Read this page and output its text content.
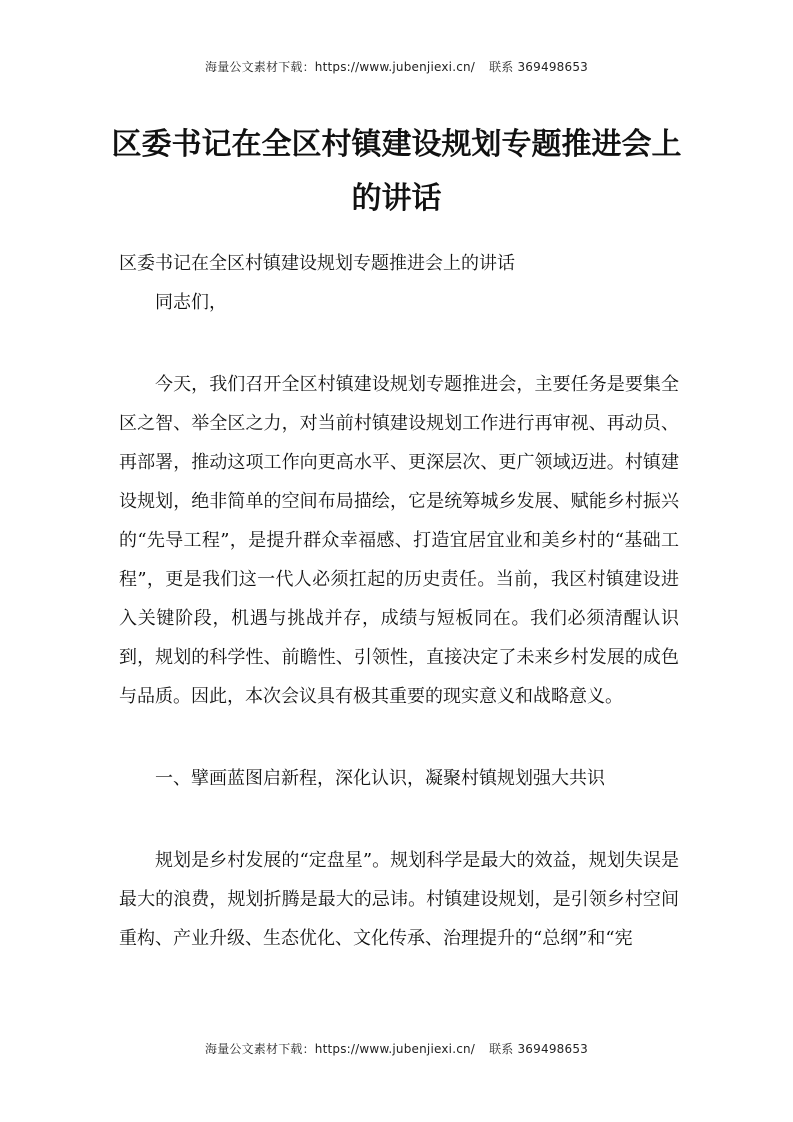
海量公文素材下载：https://www.jubenjiexi.cn/ 联系 369498653
区委书记在全区村镇建设规划专题推进会上的讲话

区委书记在全区村镇建设规划专题推进会上的讲话

同志们，

今天，我们召开全区村镇建设规划专题推进会，主要任务是要集全区之智、举全区之力，对当前村镇建设规划工作进行再审视、再动员、再部署，推动这项工作向更高水平、更深层次、更广领域迈进。村镇建设规划，绝非简单的空间布局描绘，它是统筹城乡发展、赋能乡村振兴的“先导工程”，是提升群众幸福感、打造宜居宜业和美乡村的“基础工程”，更是我们这一代人必须扛起的历史责任。当前，我区村镇建设进入关键阶段，机遇与挑战并存，成绩与短板同在。我们必须清醒认识到，规划的科学性、前瞻性、引领性，直接决定了未来乡村发展的成色与品质。因此，本次会议具有极其重要的现实意义和战略意义。

一、擘画蓝图启新程，深化认识，凝聚村镇规划强大共识

规划是乡村发展的“定盘星”。规划科学是最大的效益，规划失误是最大的浪费，规划折腾是最大的忌讳。村镇建设规划，是引领乡村空间重构、产业升级、生态优化、文化传承、治理提升的“总纲”和“宪

海量公文素材下载：https://www.jubenjiexi.cn/ 联系 369498653
